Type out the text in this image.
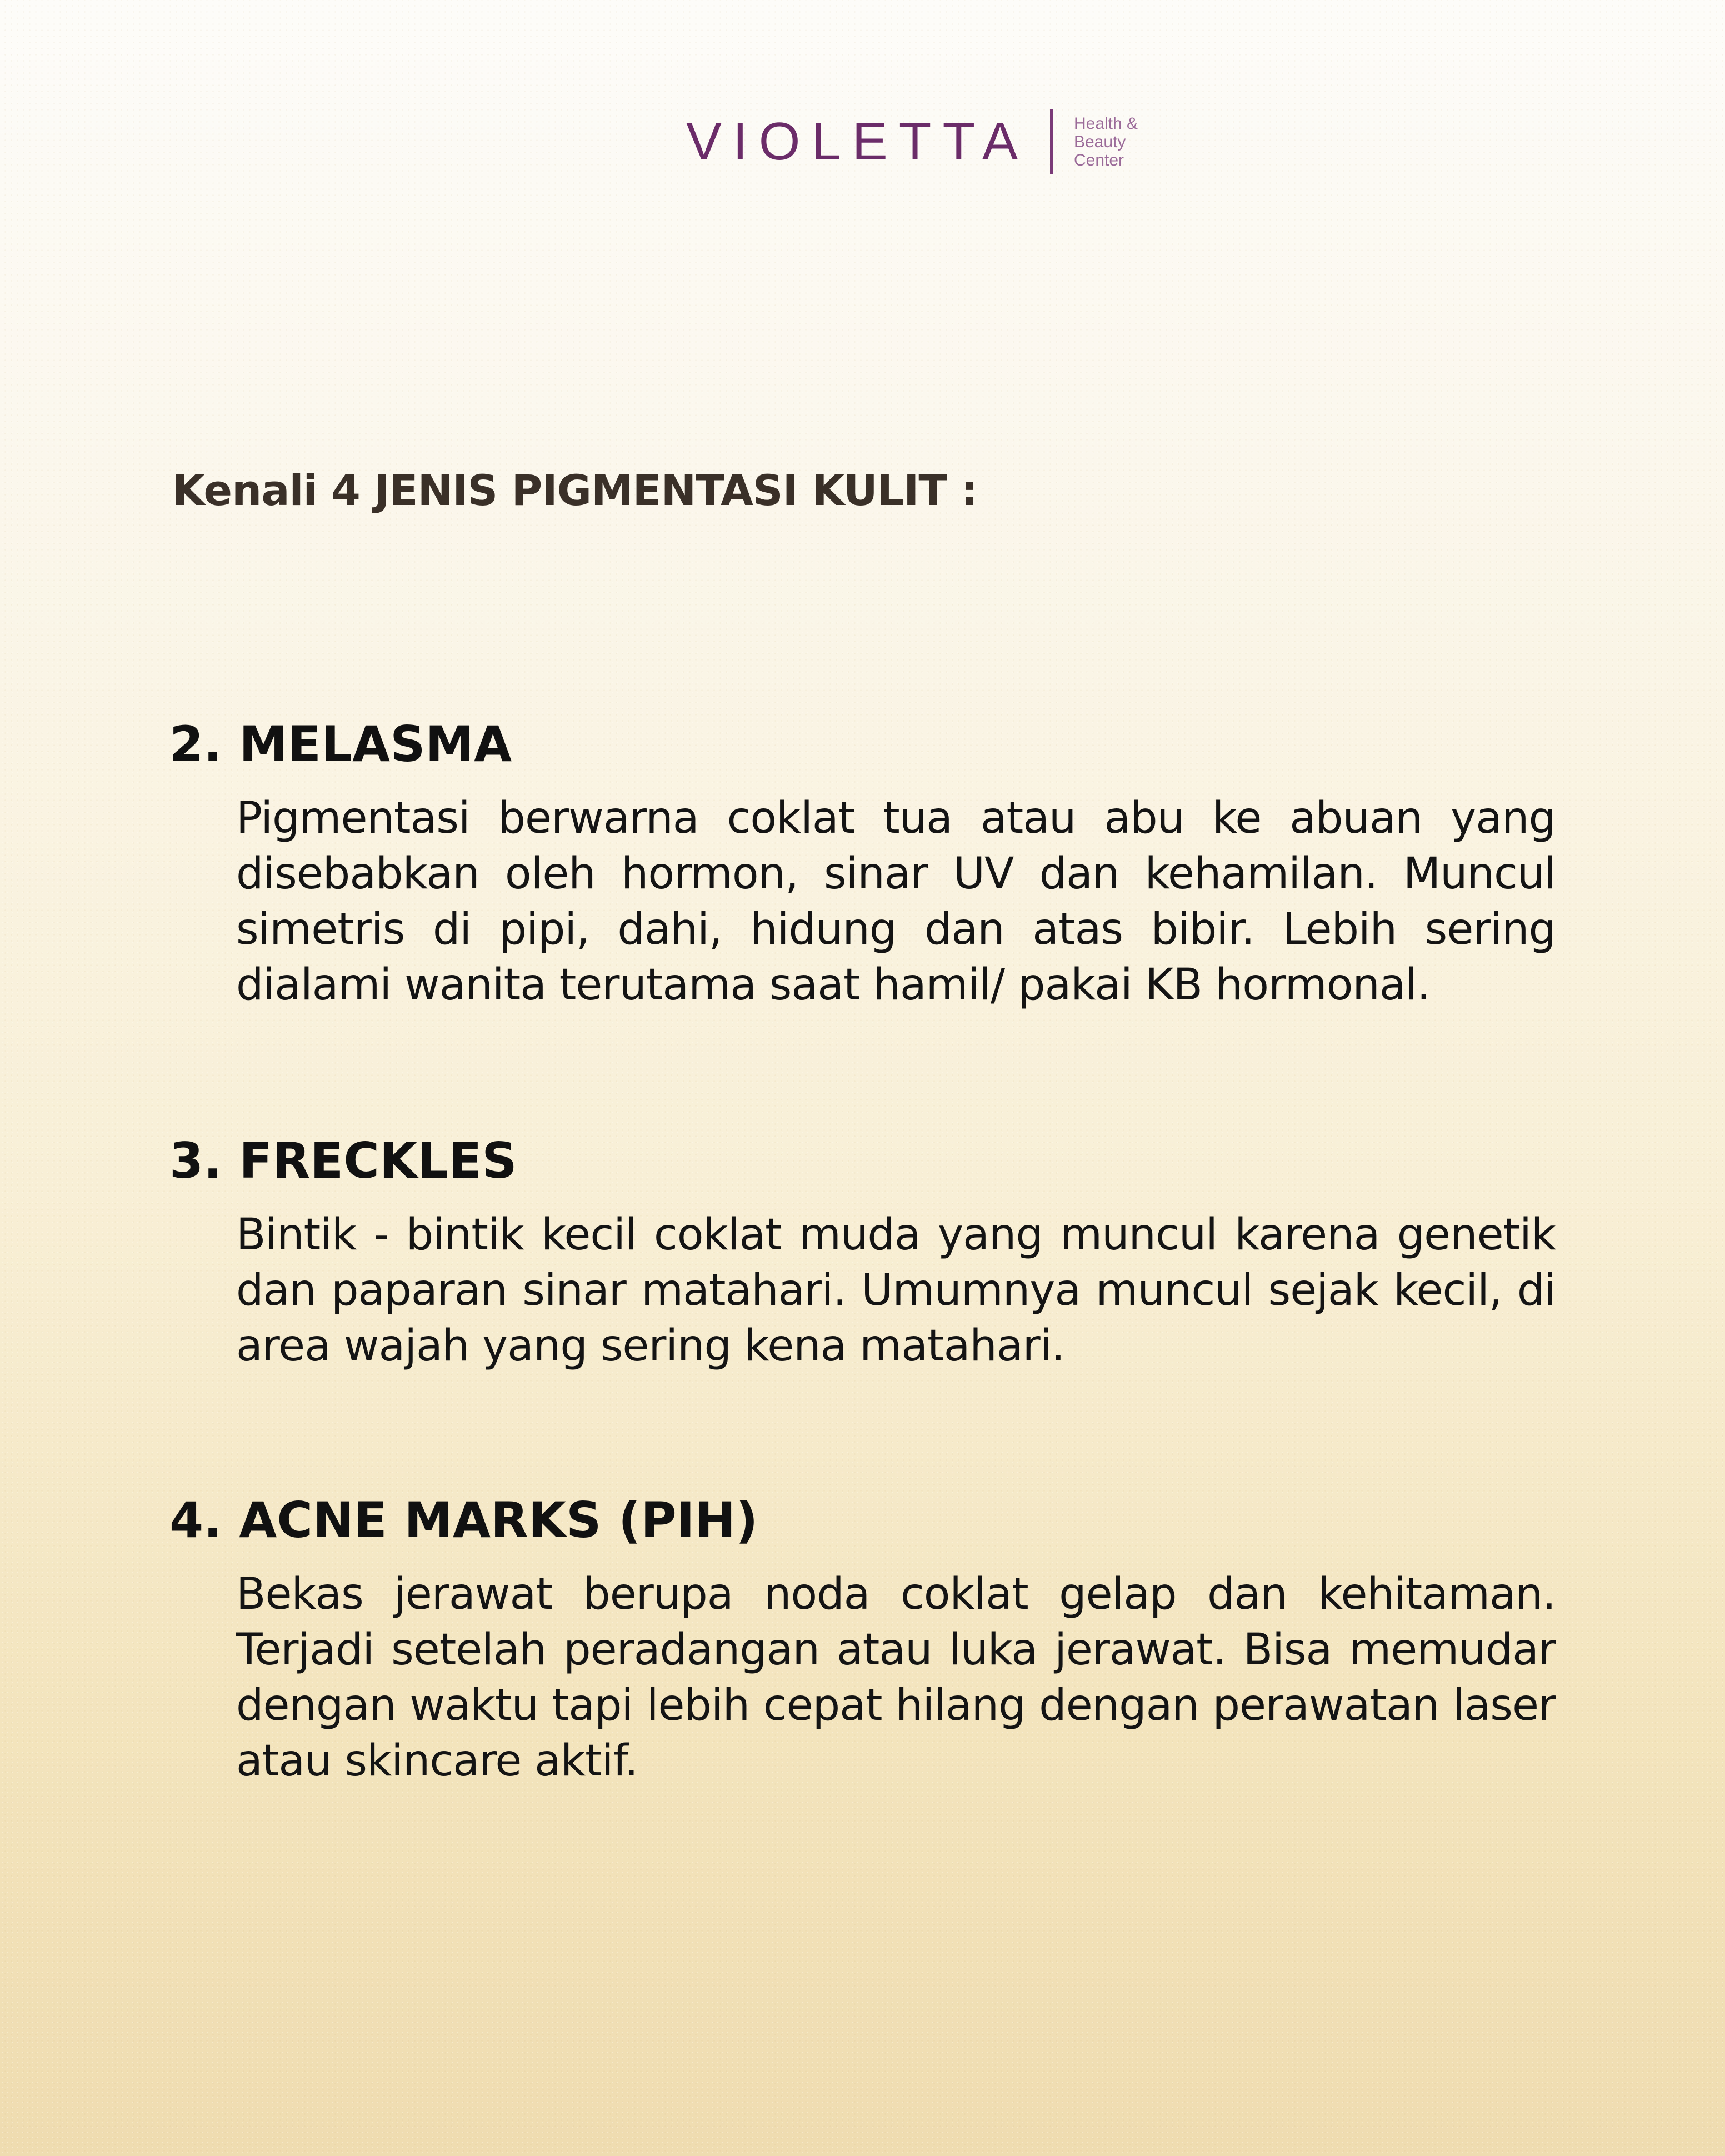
VIOLETTA	Health &
Beauty
Center
Kenali 4 JENIS PIGMENTASI KULIT :
2. MELASMA

Pigmentasi berwarna coklat tua atau abu ke abuan yang disebabkan oleh hormon, sinar UV dan kehamilan. Muncul simetris di pipi, dahi, hidung dan atas bibir. Lebih sering dialami wanita terutama saat hamil/ pakai KB hormonal.

3. FRECKLES

Bintik - bintik kecil coklat muda yang muncul karena genetik dan paparan sinar matahari. Umumnya muncul sejak kecil, di area wajah yang sering kena matahari.

4. ACNE MARKS (PIH)

Bekas jerawat berupa noda coklat gelap dan kehitaman. Terjadi setelah peradangan atau luka jerawat. Bisa memudar dengan waktu tapi lebih cepat hilang dengan perawatan laser atau skincare aktif.
